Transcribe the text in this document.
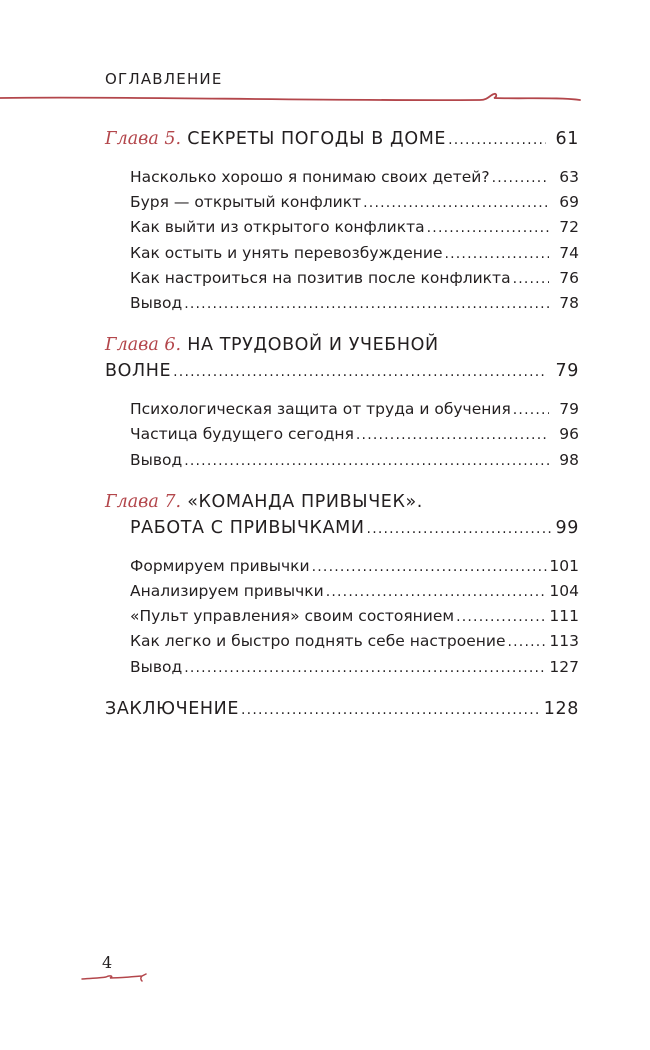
ОГЛАВЛЕНИЕ
Глава 5. СЕКРЕТЫ ПОГОДЫ В ДОМЕ .....	61
Насколько хорошо я понимаю своих детей? .....	63
Буря — открытый конфликт .....	69
Как выйти из открытого конфликта .....	72
Как остыть и унять перевозбуждение .....	74
Как настроиться на позитив после конфликта .....	76
Вывод .....	78
Глава 6. НА ТРУДОВОЙ И УЧЕБНОЙ
ВОЛНЕ .....	79
Психологическая защита от труда и обучения .....	79
Частица будущего сегодня .....	96
Вывод .....	98
Глава 7. «КОМАНДА ПРИВЫЧЕК».
РАБОТА С ПРИВЫЧКАМИ .....	99
Формируем привычки .....	101
Анализируем привычки .....	104
«Пульт управления» своим состоянием .....	111
Как легко и быстро поднять себе настроение .....	113
Вывод .....	127
ЗАКЛЮЧЕНИЕ .....	128
4
